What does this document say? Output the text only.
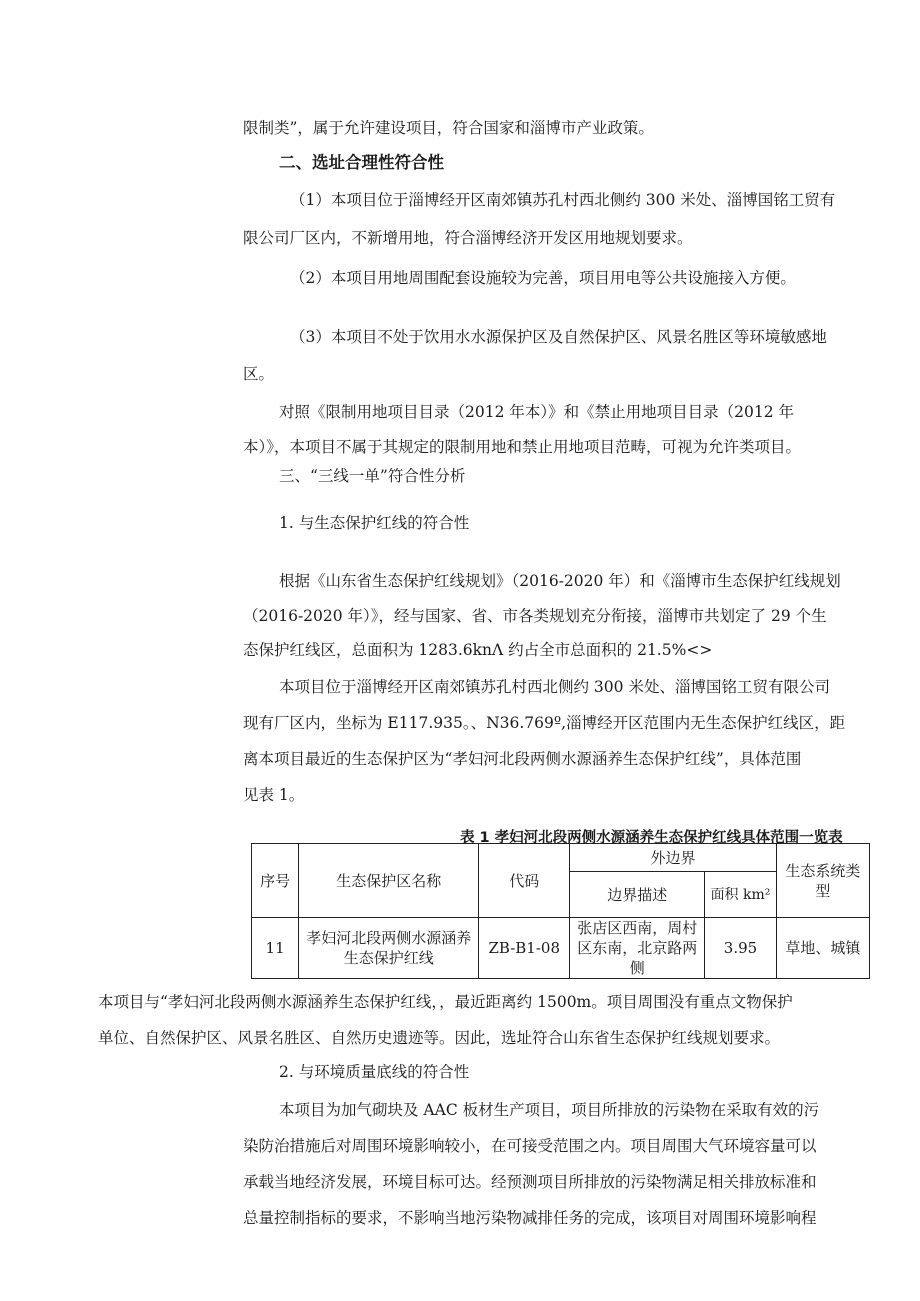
限制类”，属于允许建设项目，符合国家和淄博市产业政策。
二、选址合理性符合性
（1）本项目位于淄博经开区南郊镇苏孔村西北侧约 300 米处、淄博国铭工贸有
限公司厂区内，不新增用地，符合淄博经济开发区用地规划要求。
（2）本项目用地周围配套设施较为完善，项目用电等公共设施接入方便。
（3）本项目不处于饮用水水源保护区及自然保护区、风景名胜区等环境敏感地
区。
对照《限制用地项目目录（2012 年本）》和《禁止用地项目目录（2012 年
本）》，本项目不属于其规定的限制用地和禁止用地项目范畴，可视为允许类项目。
三、“三线一单”符合性分析
1. 与生态保护红线的符合性
根据《山东省生态保护红线规划》（2016-2020 年）和《淄博市生态保护红线规划
（2016-2020 年）》，经与国家、省、市各类规划充分衔接，淄博市共划定了 29 个生
态保护红线区，总面积为 1283.6knΛ 约占全市总面积的 21.5%<>
本项目位于淄博经开区南郊镇苏孔村西北侧约 300 米处、淄博国铭工贸有限公司
现有厂区内，坐标为 E117.935。、N36.769º,淄博经开区范围内无生态保护红线区，距
离本项目最近的生态保护区为“孝妇河北段两侧水源涵养生态保护红线”，具体范围
见表 1。
表 1 孝妇河北段两侧水源涵养生态保护红线具体范围一览表
序号	生态保护区名称	代码	外边界		生态系统类型
			边界描述	面积 km²	
11	孝妇河北段两侧水源涵养生态保护红线	ZB-B1-08	张店区西南，周村区东南，北京路两侧	3.95	草地、城镇
本项目与“孝妇河北段两侧水源涵养生态保护红线，，最近距离约 1500m。项目周围没有重点文物保护
单位、自然保护区、风景名胜区、自然历史遗迹等。因此，选址符合山东省生态保护红线规划要求。
2. 与环境质量底线的符合性
本项目为加气砌块及 AAC 板材生产项目，项目所排放的污染物在采取有效的污
染防治措施后对周围环境影响较小，在可接受范围之内。项目周围大气环境容量可以
承载当地经济发展，环境目标可达。经预测项目所排放的污染物满足相关排放标准和
总量控制指标的要求，不影响当地污染物减排任务的完成，该项目对周围环境影响程
